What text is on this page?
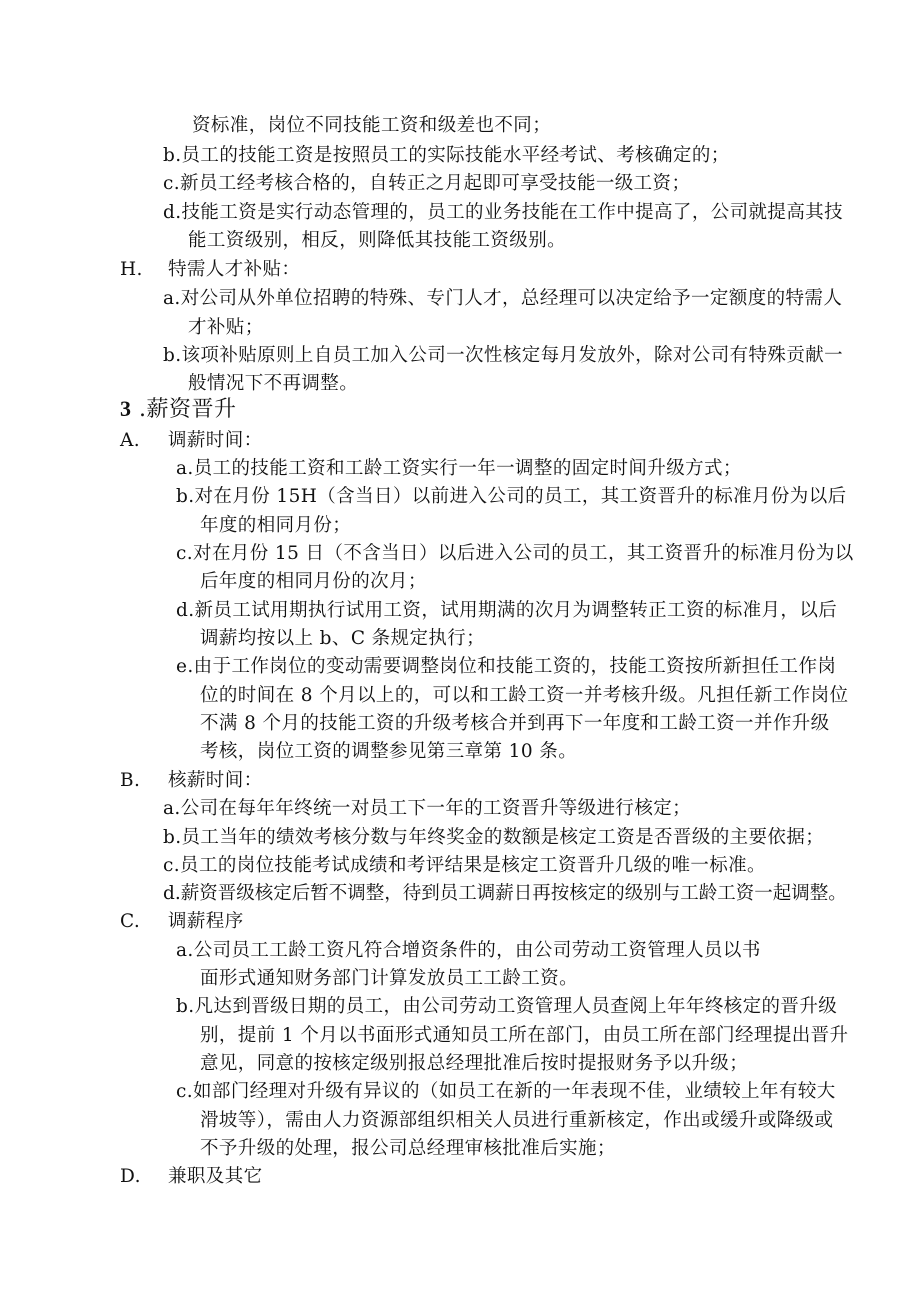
资标准，岗位不同技能工资和级差也不同；
b.员工的技能工资是按照员工的实际技能水平经考试、考核确定的；
c.新员工经考核合格的，自转正之月起即可享受技能一级工资；
d.技能工资是实行动态管理的，员工的业务技能在工作中提高了，公司就提高其技
能工资级别，相反，则降低其技能工资级别。
H. 特需人才补贴：
a.对公司从外单位招聘的特殊、专门人才，总经理可以决定给予一定额度的特需人
才补贴；
b.该项补贴原则上自员工加入公司一次性核定每月发放外，除对公司有特殊贡献一
般情况下不再调整。
3 .薪资晋升
A. 调薪时间：
a.员工的技能工资和工龄工资实行一年一调整的固定时间升级方式；
b.对在月份 15H（含当日）以前进入公司的员工，其工资晋升的标准月份为以后
年度的相同月份；
c.对在月份 15 日（不含当日）以后进入公司的员工，其工资晋升的标准月份为以
后年度的相同月份的次月；
d.新员工试用期执行试用工资，试用期满的次月为调整转正工资的标准月，以后
调薪均按以上 b、C 条规定执行；
e.由于工作岗位的变动需要调整岗位和技能工资的，技能工资按所新担任工作岗
位的时间在 8 个月以上的，可以和工龄工资一并考核升级。凡担任新工作岗位
不满 8 个月的技能工资的升级考核合并到再下一年度和工龄工资一并作升级
考核，岗位工资的调整参见第三章第 10 条。
B. 核薪时间：
a.公司在每年年终统一对员工下一年的工资晋升等级进行核定；
b.员工当年的绩效考核分数与年终奖金的数额是核定工资是否晋级的主要依据；
c.员工的岗位技能考试成绩和考评结果是核定工资晋升几级的唯一标准。
d.薪资晋级核定后暂不调整，待到员工调薪日再按核定的级别与工龄工资一起调整。
C. 调薪程序
a.公司员工工龄工资凡符合增资条件的，由公司劳动工资管理人员以书
面形式通知财务部门计算发放员工工龄工资。
b.凡达到晋级日期的员工，由公司劳动工资管理人员查阅上年年终核定的晋升级
别，提前 1 个月以书面形式通知员工所在部门，由员工所在部门经理提出晋升
意见，同意的按核定级别报总经理批准后按时提报财务予以升级；
c.如部门经理对升级有异议的（如员工在新的一年表现不佳，业绩较上年有较大
滑坡等），需由人力资源部组织相关人员进行重新核定，作出或缓升或降级或
不予升级的处理，报公司总经理审核批准后实施；
D. 兼职及其它
